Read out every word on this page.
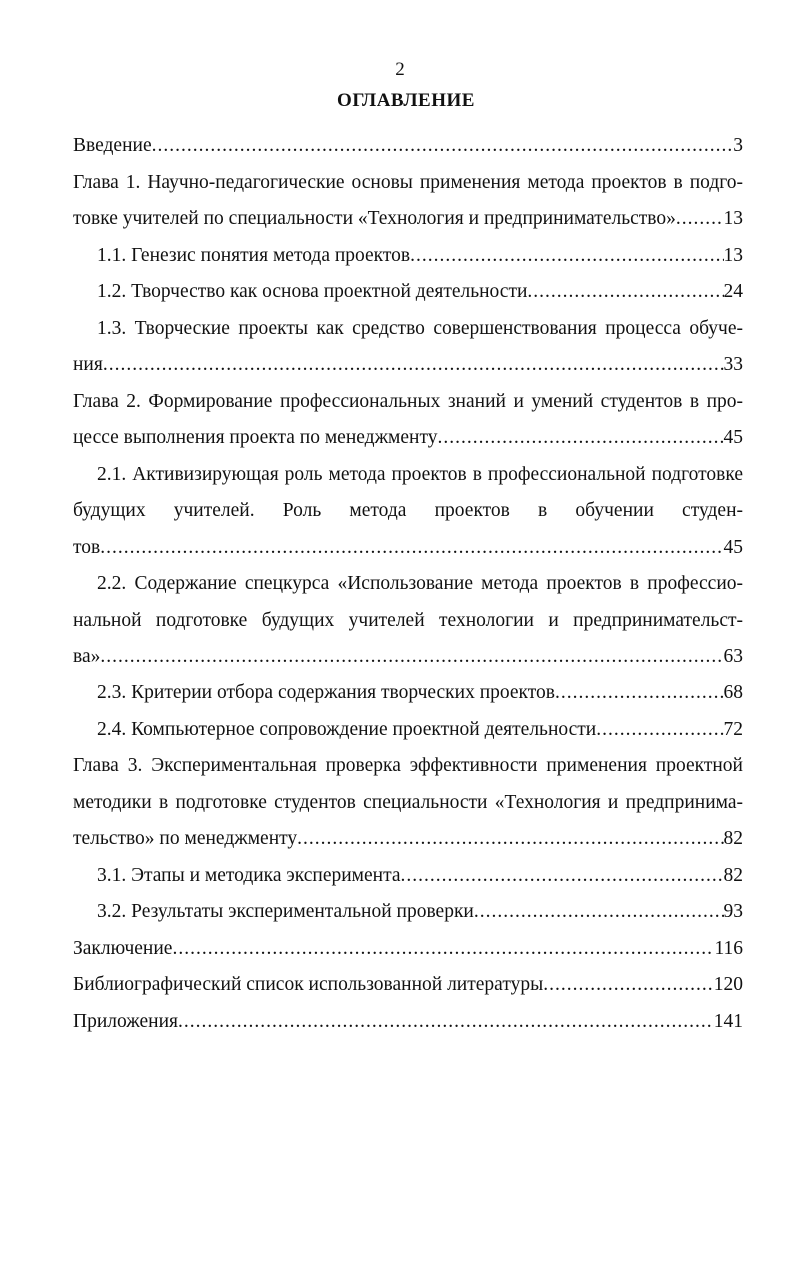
2
ОГЛАВЛЕНИЕ
Введение .....	3
Глава 1. Научно-педагогические основы применения метода проектов в подго-
товке учителей по специальности «Технология и предпринимательство» ..... 13
1.1. Генезис понятия метода проектов .....	13
1.2. Творчество как основа проектной деятельности .....	24
1.3. Творческие проекты как средство совершенствования процесса обуче-
ния .....	33
Глава 2. Формирование профессиональных знаний и умений студентов в про-
цессе выполнения проекта по менеджменту .....	45
2.1. Активизирующая роль метода проектов в профессиональной подготовке
будущих учителей. Роль метода проектов в обучении студен-
тов .....	45
2.2. Содержание спецкурса «Использование метода проектов в профессио-
нальной подготовке будущих учителей технологии и предпринимательст-
ва» .....	63
2.3. Критерии отбора содержания творческих проектов .....	68
2.4. Компьютерное сопровождение проектной деятельности .....	72
Глава 3. Экспериментальная проверка эффективности применения проектной
методики в подготовке студентов специальности «Технология и предпринима-
тельство» по менеджменту .....	82
3.1. Этапы и методика эксперимента .....	82
3.2. Результаты экспериментальной проверки .....	93
Заключение .....	116
Библиографический список использованной литературы .....	120
Приложения .....	141
